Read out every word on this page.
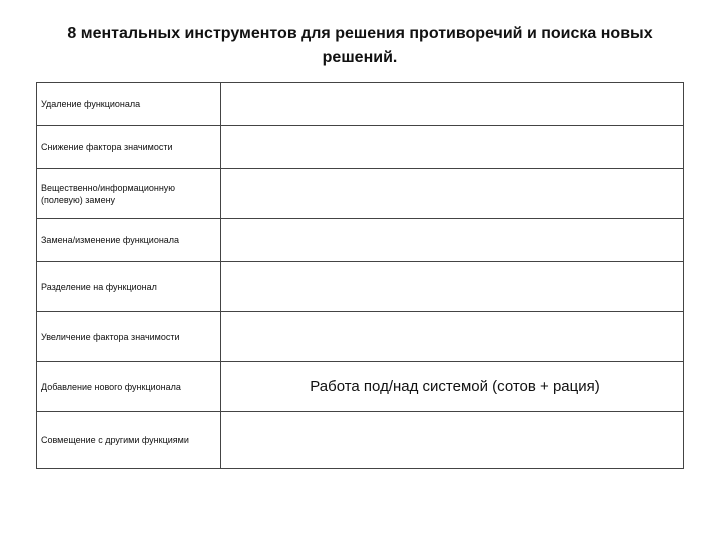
8 ментальных инструментов для решения противоречий и поиска новых решений.
Удаление функционала	
Снижение фактора значимости	
Вещественно/информационную (полевую) замену	
Замена/изменение функционала	
Разделение на функционал	
Увеличение фактора значимости	
Добавление нового функционала	Работа под/над системой (сотов + рация)
Совмещение с другими функциями	
